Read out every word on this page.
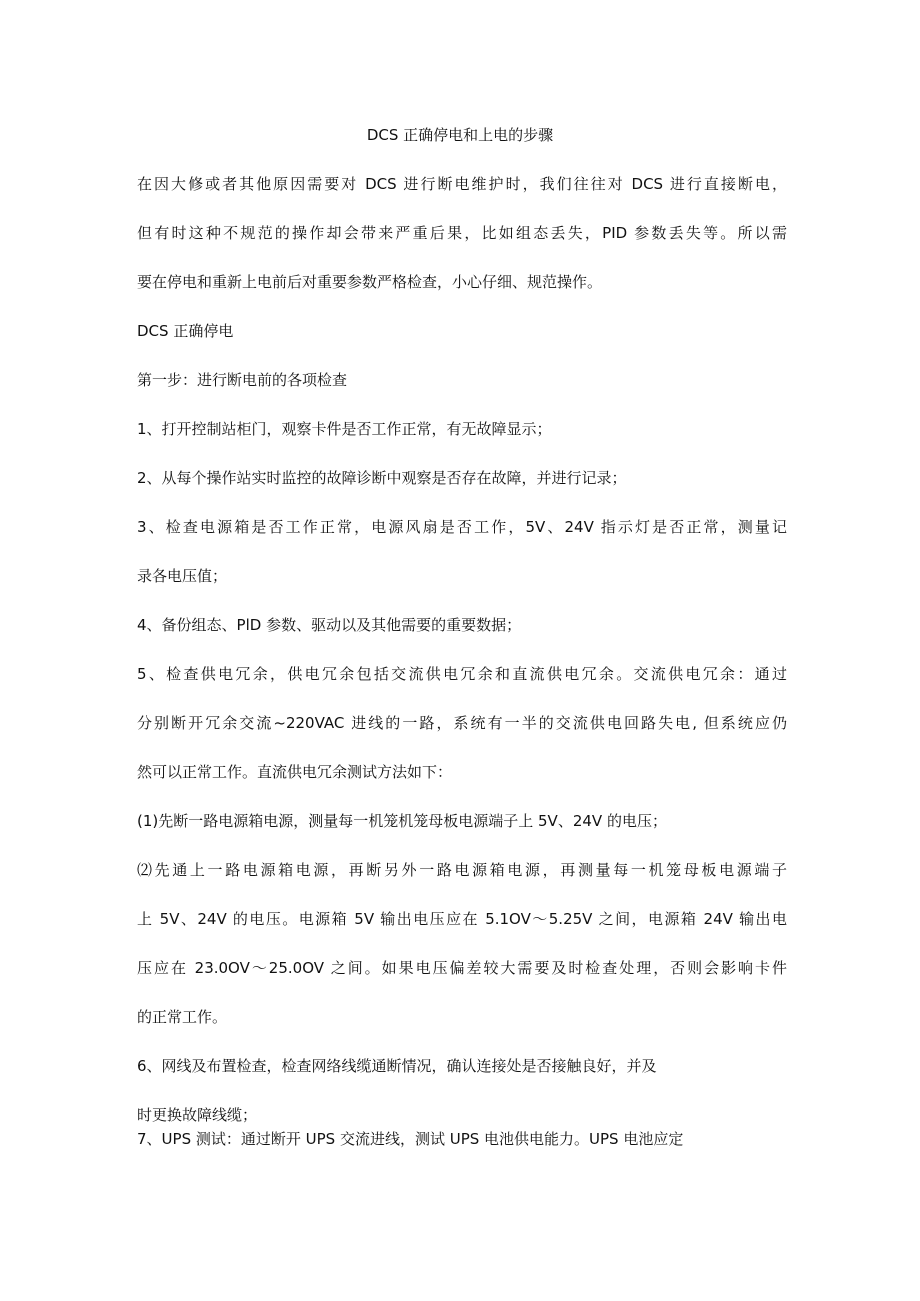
DCS 正确停电和上电的步骤
在因大修或者其他原因需要对 DCS 进行断电维护时，我们往往对 DCS 进行直接断电，
但有时这种不规范的操作却会带来严重后果，比如组态丢失，PID 参数丢失等。所以需
要在停电和重新上电前后对重要参数严格检查，小心仔细、规范操作。
DCS 正确停电
第一步：进行断电前的各项检查
1、打开控制站柜门，观察卡件是否工作正常，有无故障显示；
2、从每个操作站实时监控的故障诊断中观察是否存在故障，并进行记录；
3、检查电源箱是否工作正常，电源风扇是否工作，5V、24V 指示灯是否正常，测量记
录各电压值；
4、备份组态、PlD 参数、驱动以及其他需要的重要数据；
5、检查供电冗余，供电冗余包括交流供电冗余和直流供电冗余。交流供电冗余：通过
分别断开冗余交流~220VAC 进线的一路，系统有一半的交流供电回路失电, 但系统应仍
然可以正常工作。直流供电冗余测试方法如下：
(1)先断一路电源箱电源，测量每一机笼机笼母板电源端子上 5V、24V 的电压；
⑵先通上一路电源箱电源，再断另外一路电源箱电源，再测量每一机笼母板电源端子
上 5V、24V 的电压。电源箱 5V 输出电压应在 5.1OV～5.25V 之间，电源箱 24V 输出电
压应在 23.0OV～25.0OV 之间。如果电压偏差较大需要及时检查处理，否则会影响卡件
的正常工作。
6、网线及布置检查，检查网络线缆通断情况，确认连接处是否接触良好，并及
时更换故障线缆；
7、UPS 测试：通过断开 UPS 交流进线，测试 UPS 电池供电能力。UPS 电池应定
